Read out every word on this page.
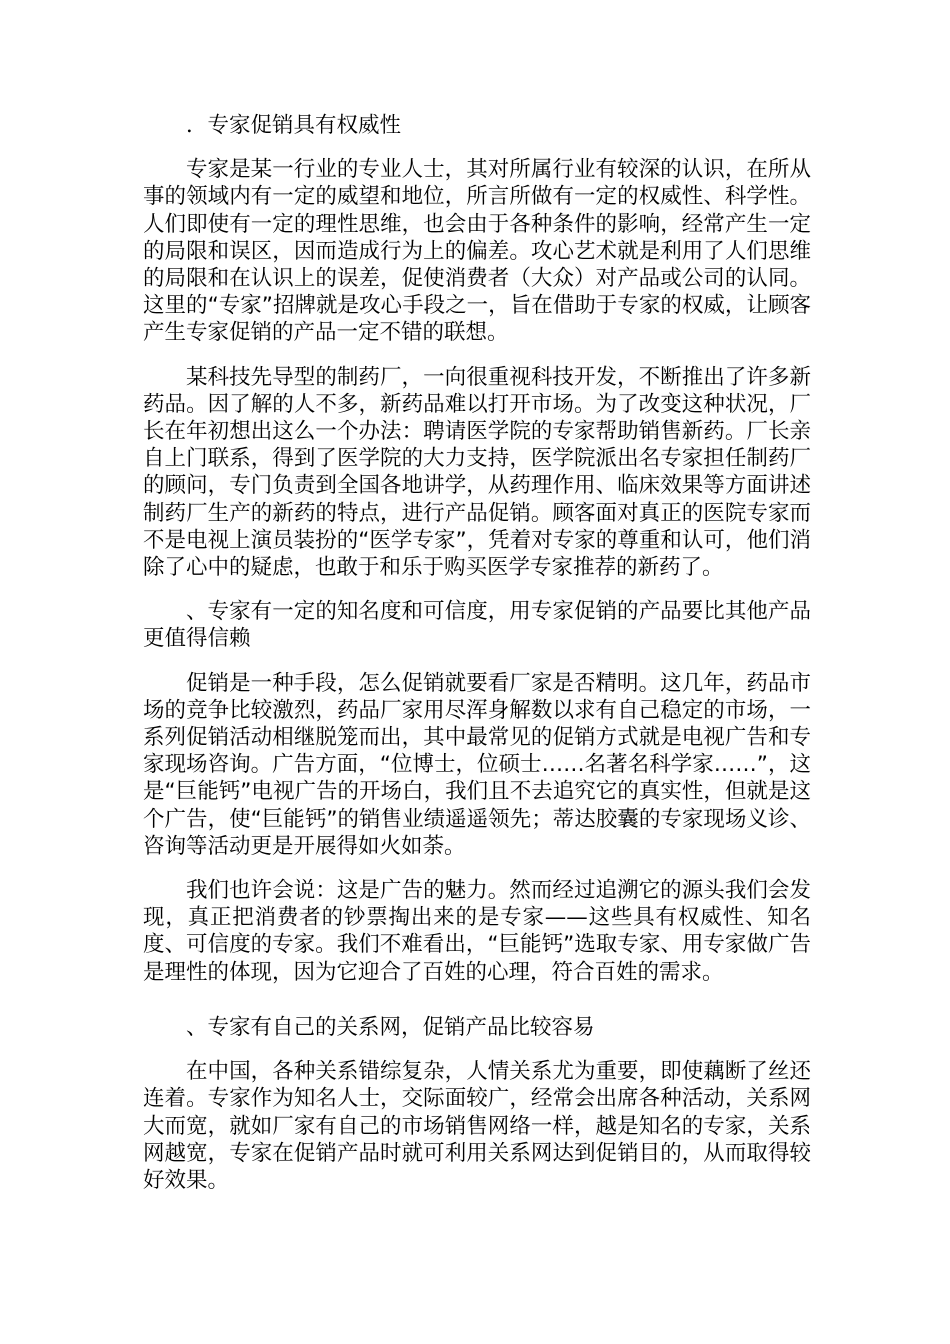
．专家促销具有权威性

专家是某一行业的专业人士，其对所属行业有较深的认识，在所从事的领域内有一定的威望和地位，所言所做有一定的权威性、科学性。人们即使有一定的理性思维，也会由于各种条件的影响，经常产生一定的局限和误区，因而造成行为上的偏差。攻心艺术就是利用了人们思维的局限和在认识上的误差，促使消费者（大众）对产品或公司的认同。这里的“专家”招牌就是攻心手段之一，旨在借助于专家的权威，让顾客产生专家促销的产品一定不错的联想。

某科技先导型的制药厂，一向很重视科技开发，不断推出了许多新药品。因了解的人不多，新药品难以打开市场。为了改变这种状况，厂长在年初想出这么一个办法：聘请医学院的专家帮助销售新药。厂长亲自上门联系，得到了医学院的大力支持，医学院派出名专家担任制药厂的顾问，专门负责到全国各地讲学，从药理作用、临床效果等方面讲述制药厂生产的新药的特点，进行产品促销。顾客面对真正的医院专家而不是电视上演员装扮的“医学专家”，凭着对专家的尊重和认可，他们消除了心中的疑虑，也敢于和乐于购买医学专家推荐的新药了。

、专家有一定的知名度和可信度，用专家促销的产品要比其他产品更值得信赖

促销是一种手段，怎么促销就要看厂家是否精明。这几年，药品市场的竞争比较激烈，药品厂家用尽浑身解数以求有自己稳定的市场，一系列促销活动相继脱笼而出，其中最常见的促销方式就是电视广告和专家现场咨询。广告方面，“位博士，位硕士……名著名科学家……”，这是“巨能钙”电视广告的开场白，我们且不去追究它的真实性，但就是这个广告，使“巨能钙”的销售业绩遥遥领先；蒂达胶囊的专家现场义诊、咨询等活动更是开展得如火如荼。

我们也许会说：这是广告的魅力。然而经过追溯它的源头我们会发现，真正把消费者的钞票掏出来的是专家——这些具有权威性、知名度、可信度的专家。我们不难看出，“巨能钙”选取专家、用专家做广告是理性的体现，因为它迎合了百姓的心理，符合百姓的需求。

、专家有自己的关系网，促销产品比较容易

在中国，各种关系错综复杂，人情关系尤为重要，即使藕断了丝还连着。专家作为知名人士，交际面较广，经常会出席各种活动，关系网大而宽，就如厂家有自己的市场销售网络一样，越是知名的专家，关系网越宽，专家在促销产品时就可利用关系网达到促销目的，从而取得较好效果。
